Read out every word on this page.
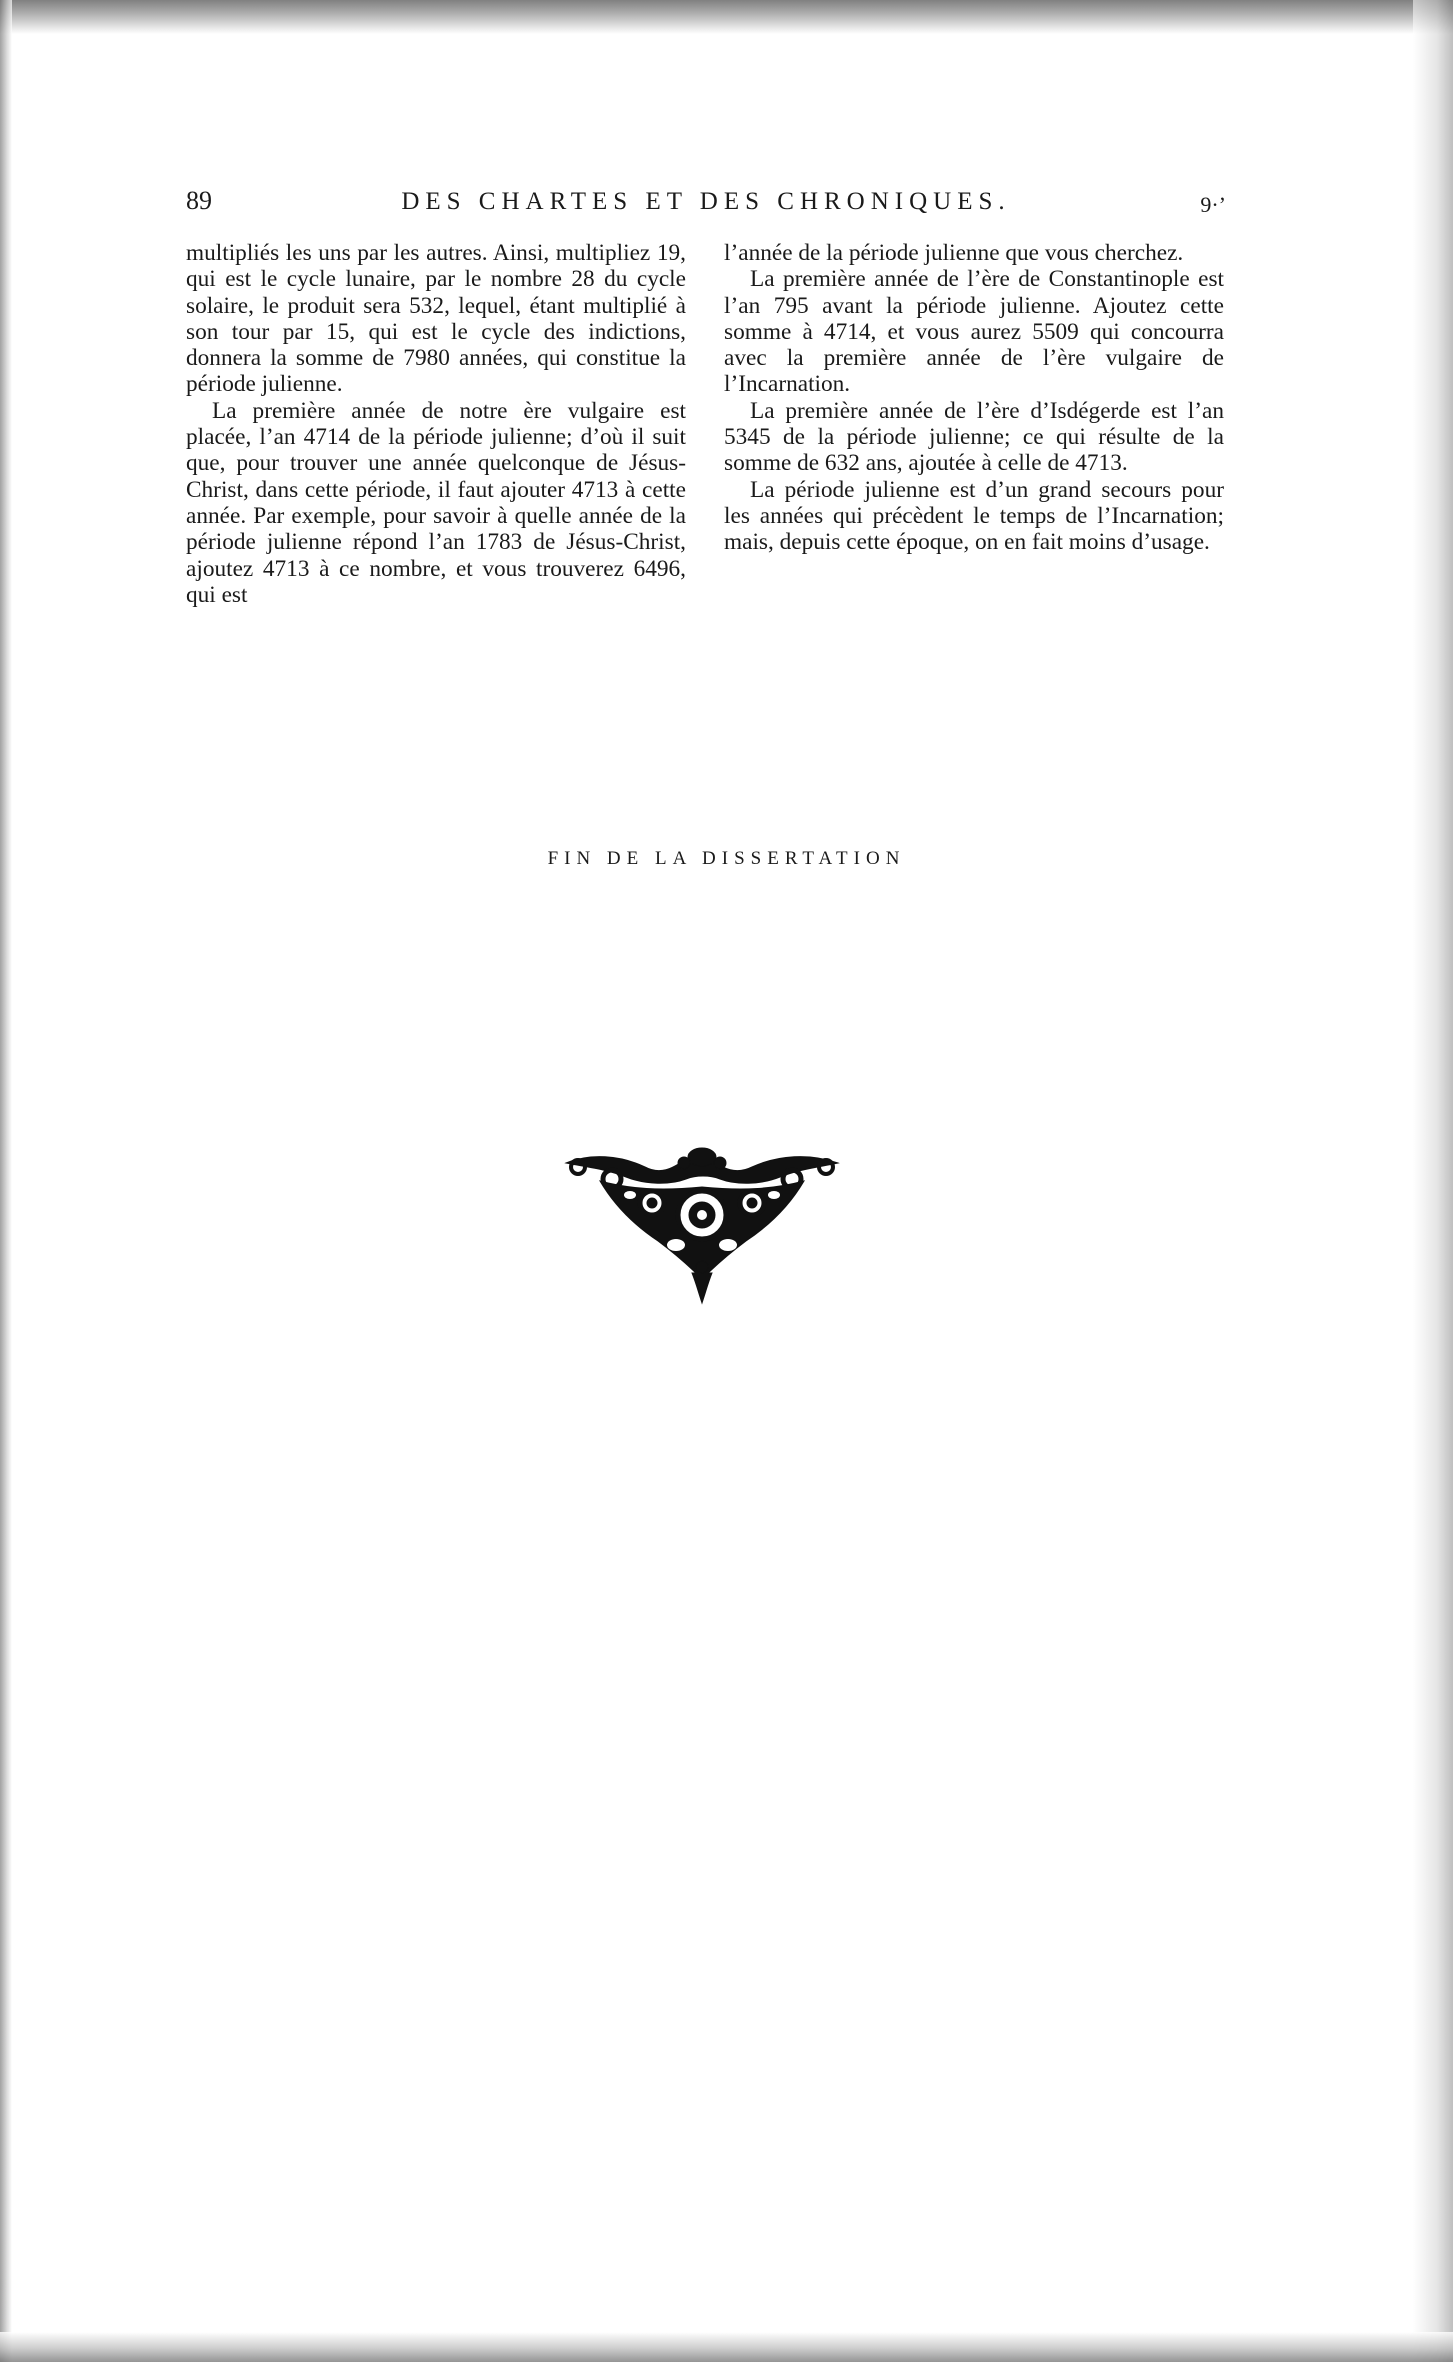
89	DES CHARTES ET DES CHRONIQUES.	9·’

multipliés les uns par les autres. Ainsi, multipliez 19, qui est le cycle lunaire, par le nombre 28 du cycle solaire, le produit sera 532, lequel, étant multiplié à son tour par 15, qui est le cycle des indictions, donnera la somme de 7980 années, qui constitue la période julienne.

La première année de notre ère vulgaire est placée, l’an 4714 de la période julienne; d’où il suit que, pour trouver une année quelconque de Jésus-Christ, dans cette période, il faut ajouter 4713 à cette année. Par exemple, pour savoir à quelle année de la période julienne répond l’an 1783 de Jésus-Christ, ajoutez 4713 à ce nombre, et vous trouverez 6496, qui est

l’année de la période julienne que vous cherchez.

La première année de l’ère de Constantinople est l’an 795 avant la période julienne. Ajoutez cette somme à 4714, et vous aurez 5509 qui concourra avec la première année de l’ère vulgaire de l’Incarnation.

La première année de l’ère d’Isdégerde est l’an 5345 de la période julienne; ce qui résulte de la somme de 632 ans, ajoutée à celle de 4713.

La période julienne est d’un grand secours pour les années qui précèdent le temps de l’Incarnation; mais, depuis cette époque, on en fait moins d’usage.

FIN DE LA DISSERTATION
